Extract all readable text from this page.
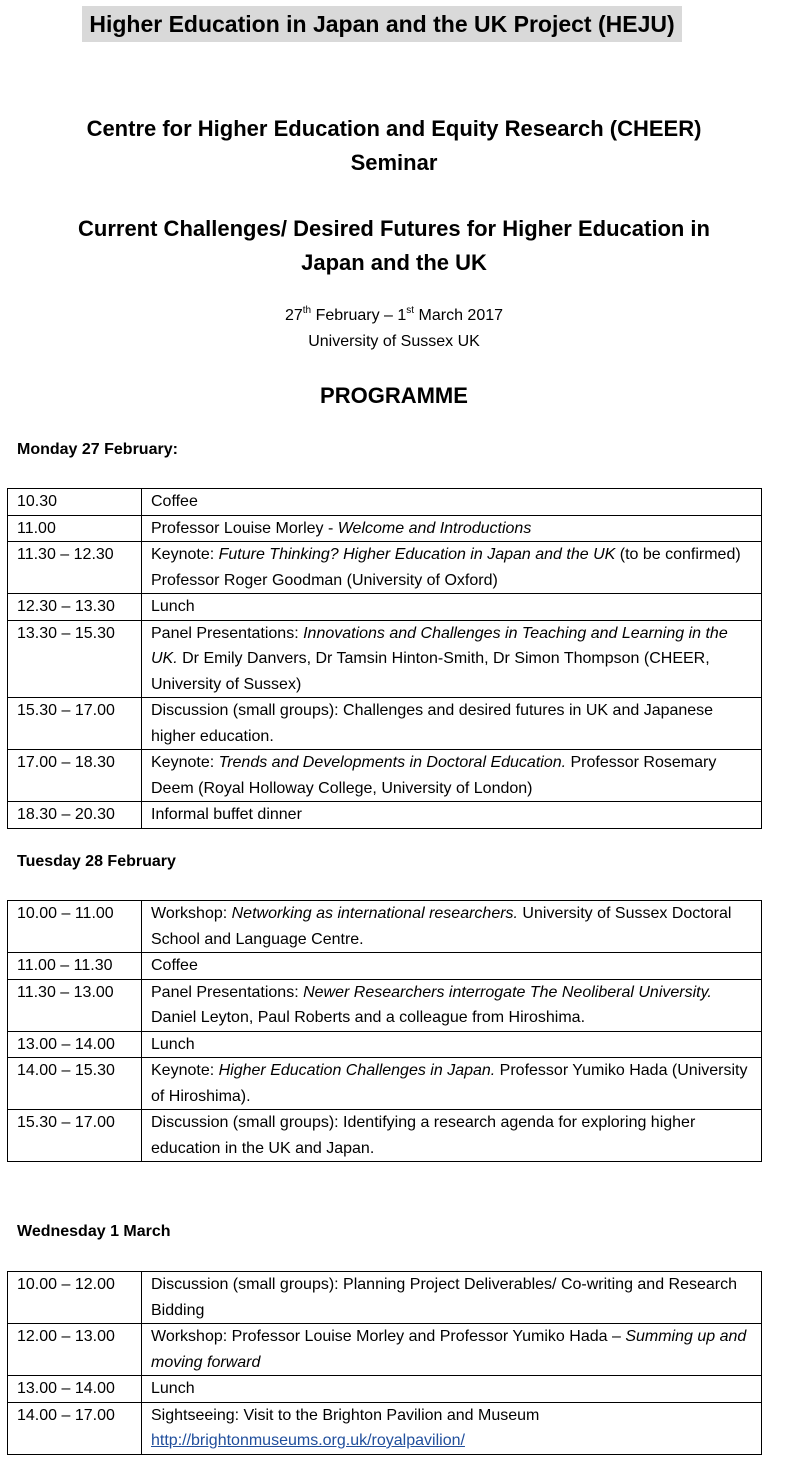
Higher Education in Japan and the UK Project (HEJU)
Centre for Higher Education and Equity Research (CHEER)
Seminar
Current Challenges/ Desired Futures for Higher Education in
Japan and the UK
27th February – 1st March 2017
University of Sussex UK
PROGRAMME
Monday 27 February:
10.30	Coffee
11.00	Professor Louise Morley - Welcome and Introductions
11.30 – 12.30	Keynote: Future Thinking? Higher Education in Japan and the UK (to be confirmed) Professor Roger Goodman (University of Oxford)
12.30 – 13.30	Lunch
13.30 – 15.30	Panel Presentations: Innovations and Challenges in Teaching and Learning in the UK. Dr Emily Danvers, Dr Tamsin Hinton-Smith, Dr Simon Thompson (CHEER, University of Sussex)
15.30 – 17.00	Discussion (small groups): Challenges and desired futures in UK and Japanese higher education.
17.00 – 18.30	Keynote: Trends and Developments in Doctoral Education. Professor Rosemary Deem (Royal Holloway College, University of London)
18.30 – 20.30	Informal buffet dinner
Tuesday 28 February
10.00 – 11.00	Workshop: Networking as international researchers. University of Sussex Doctoral School and Language Centre.
11.00 – 11.30	Coffee
11.30 – 13.00	Panel Presentations: Newer Researchers interrogate The Neoliberal University. Daniel Leyton, Paul Roberts and a colleague from Hiroshima.
13.00 – 14.00	Lunch
14.00 – 15.30	Keynote: Higher Education Challenges in Japan. Professor Yumiko Hada (University of Hiroshima).
15.30 – 17.00	Discussion (small groups): Identifying a research agenda for exploring higher education in the UK and Japan.
Wednesday 1 March
10.00 – 12.00	Discussion (small groups): Planning Project Deliverables/ Co-writing and Research Bidding
12.00 – 13.00	Workshop: Professor Louise Morley and Professor Yumiko Hada – Summing up and moving forward
13.00 – 14.00	Lunch
14.00 – 17.00	Sightseeing: Visit to the Brighton Pavilion and Museum
http://brightonmuseums.org.uk/royalpavilion/
